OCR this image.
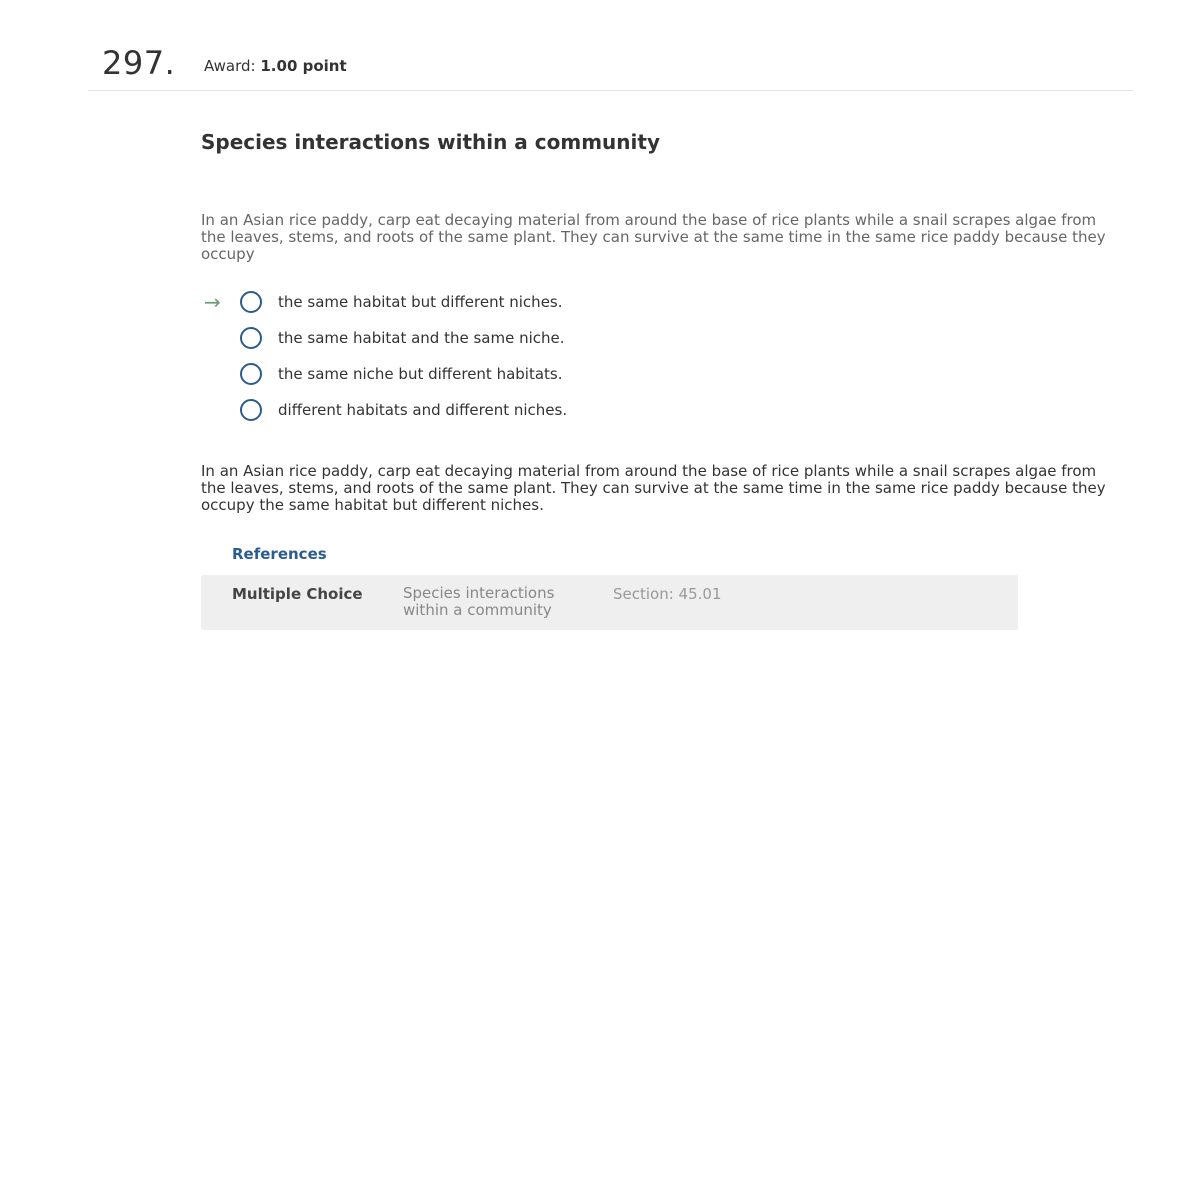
297. Award: 1.00 point
Species interactions within a community

In an Asian rice paddy, carp eat decaying material from around the base of rice plants while a snail scrapes algae from the leaves, stems, and roots of the same plant. They can survive at the same time in the same rice paddy because they occupy

→	the same habitat but different niches.
the same habitat and the same niche.
the same niche but different habitats.
different habitats and different niches.

In an Asian rice paddy, carp eat decaying material from around the base of rice plants while a snail scrapes algae from the leaves, stems, and roots of the same plant. They can survive at the same time in the same rice paddy because they occupy the same habitat but different niches.

References
Multiple Choice	Species interactions within a community
Section: 45.01
